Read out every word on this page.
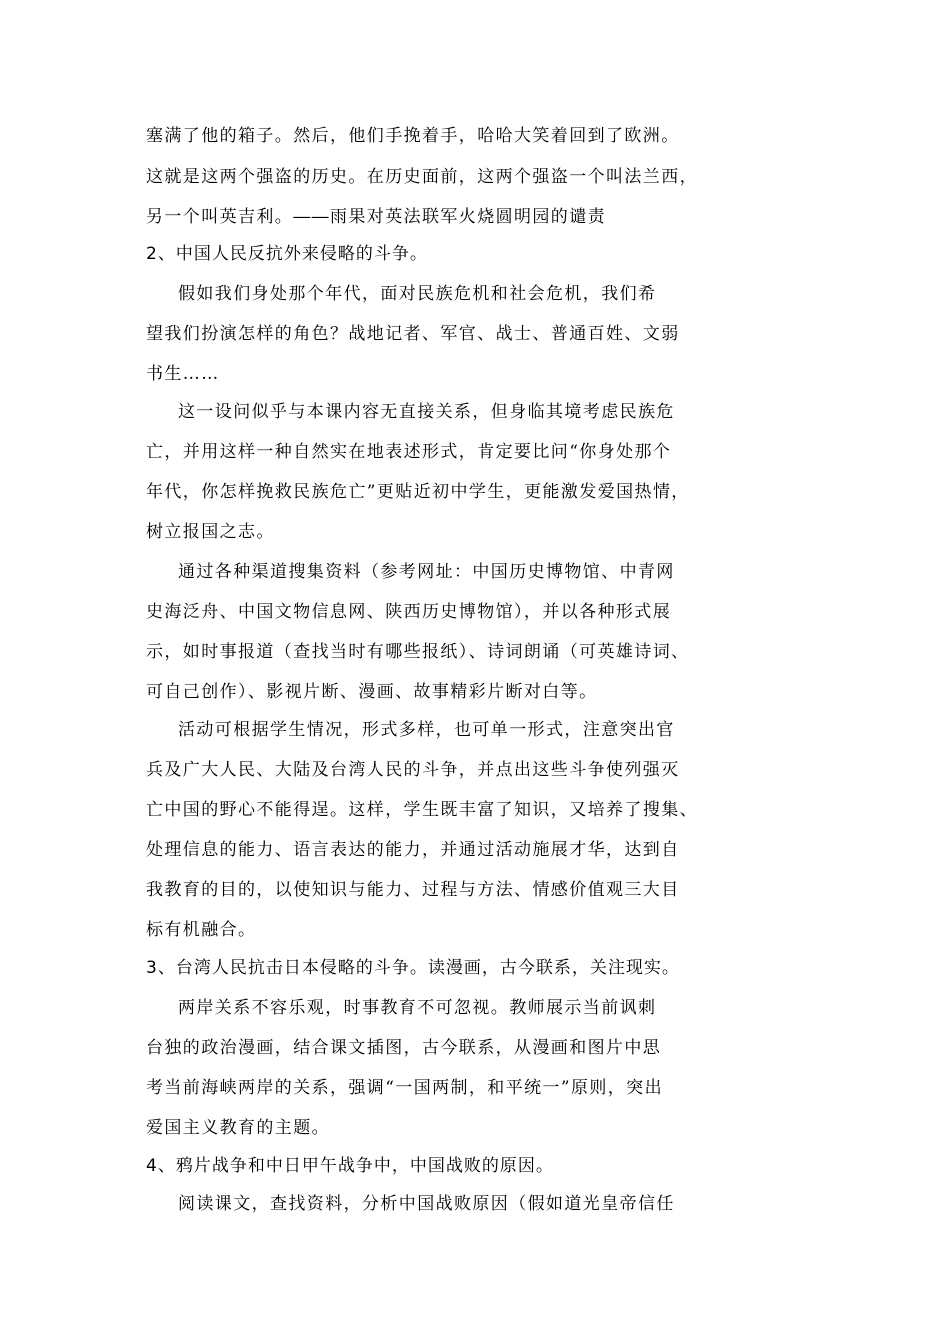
塞满了他的箱子。然后，他们手挽着手，哈哈大笑着回到了欧洲。
这就是这两个强盗的历史。在历史面前，这两个强盗一个叫法兰西，
另一个叫英吉利。――雨果对英法联军火烧圆明园的谴责
2、中国人民反抗外来侵略的斗争。
假如我们身处那个年代，面对民族危机和社会危机，我们希
望我们扮演怎样的角色？战地记者、军官、战士、普通百姓、文弱
书生……
这一设问似乎与本课内容无直接关系，但身临其境考虑民族危
亡，并用这样一种自然实在地表述形式，肯定要比问“你身处那个
年代，你怎样挽救民族危亡”更贴近初中学生，更能激发爱国热情，
树立报国之志。
通过各种渠道搜集资料（参考网址：中国历史博物馆、中青网
史海泛舟、中国文物信息网、陕西历史博物馆），并以各种形式展
示，如时事报道（查找当时有哪些报纸）、诗词朗诵（可英雄诗词、
可自己创作）、影视片断、漫画、故事精彩片断对白等。
活动可根据学生情况，形式多样，也可单一形式，注意突出官
兵及广大人民、大陆及台湾人民的斗争，并点出这些斗争使列强灭
亡中国的野心不能得逞。这样，学生既丰富了知识，又培养了搜集、
处理信息的能力、语言表达的能力，并通过活动施展才华，达到自
我教育的目的，以使知识与能力、过程与方法、情感价值观三大目
标有机融合。
3、台湾人民抗击日本侵略的斗争。读漫画，古今联系，关注现实。
两岸关系不容乐观，时事教育不可忽视。教师展示当前讽刺
台独的政治漫画，结合课文插图，古今联系，从漫画和图片中思
考当前海峡两岸的关系，强调“一国两制，和平统一”原则，突出
爱国主义教育的主题。
4、鸦片战争和中日甲午战争中，中国战败的原因。
阅读课文，查找资料，分析中国战败原因（假如道光皇帝信任
